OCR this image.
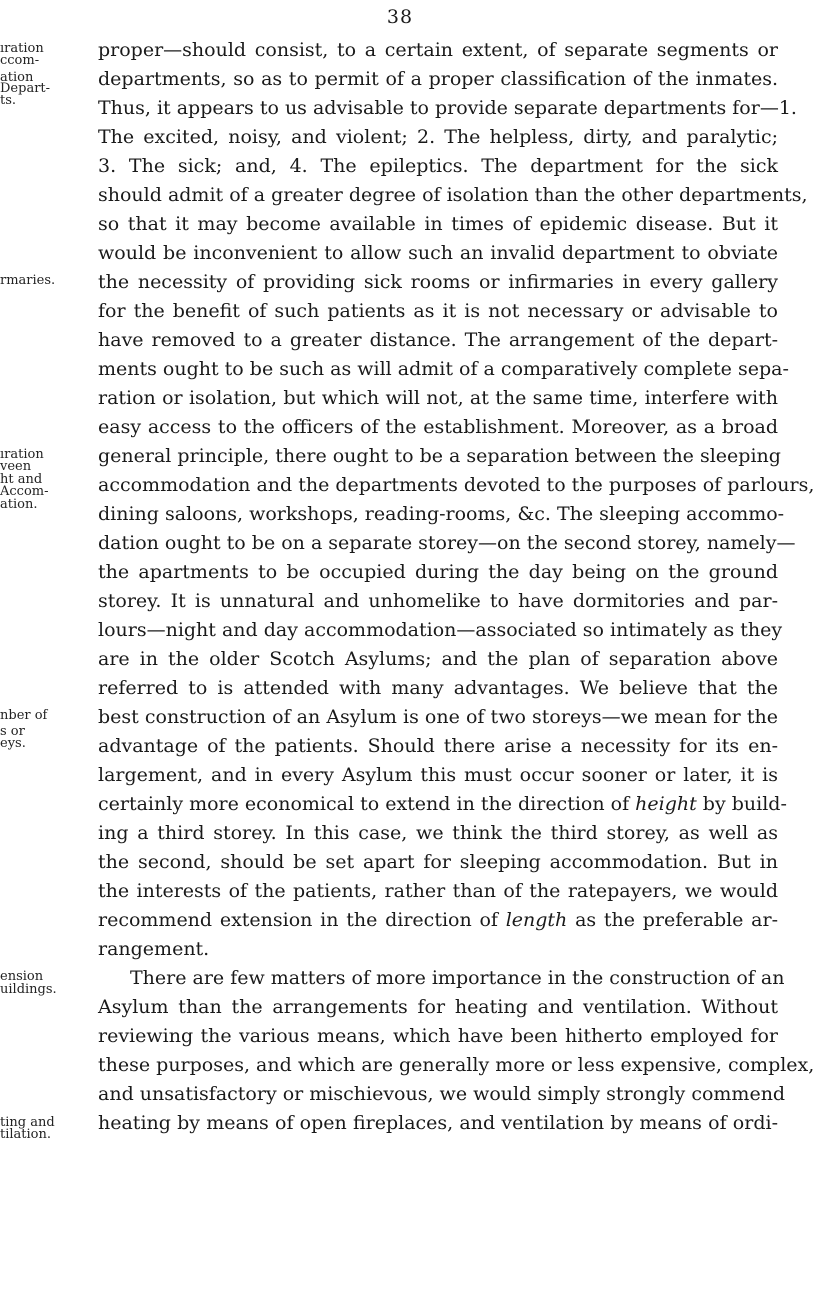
38
ıration
ccom-
ation
Depart-
ts.
rmaries.
ıration
veen
ht and
Accom-
ation.
nber of
s or
eys.
ension
uildings.
ting and
tilation.
proper—should consist, to a certain extent, of separate segments or
departments, so as to permit of a proper classification of the inmates.
Thus, it appears to us advisable to provide separate departments for—1.
The excited, noisy, and violent; 2. The helpless, dirty, and paralytic;
3. The sick; and, 4. The epileptics. The department for the sick
should admit of a greater degree of isolation than the other departments,
so that it may become available in times of epidemic disease. But it
would be inconvenient to allow such an invalid department to obviate
the necessity of providing sick rooms or infirmaries in every gallery
for the benefit of such patients as it is not necessary or advisable to
have removed to a greater distance. The arrangement of the depart-
ments ought to be such as will admit of a comparatively complete sepa-
ration or isolation, but which will not, at the same time, interfere with
easy access to the officers of the establishment. Moreover, as a broad
general principle, there ought to be a separation between the sleeping
accommodation and the departments devoted to the purposes of parlours,
dining saloons, workshops, reading-rooms, &c. The sleeping accommo-
dation ought to be on a separate storey—on the second storey, namely—
the apartments to be occupied during the day being on the ground
storey. It is unnatural and unhomelike to have dormitories and par-
lours—night and day accommodation—associated so intimately as they
are in the older Scotch Asylums; and the plan of separation above
referred to is attended with many advantages. We believe that the
best construction of an Asylum is one of two storeys—we mean for the
advantage of the patients. Should there arise a necessity for its en-
largement, and in every Asylum this must occur sooner or later, it is
certainly more economical to extend in the direction of height by build-
ing a third storey. In this case, we think the third storey, as well as
the second, should be set apart for sleeping accommodation. But in
the interests of the patients, rather than of the ratepayers, we would
recommend extension in the direction of length as the preferable ar-
rangement.
There are few matters of more importance in the construction of an
Asylum than the arrangements for heating and ventilation. Without
reviewing the various means, which have been hitherto employed for
these purposes, and which are generally more or less expensive, complex,
and unsatisfactory or mischievous, we would simply strongly commend
heating by means of open fireplaces, and ventilation by means of ordi-
